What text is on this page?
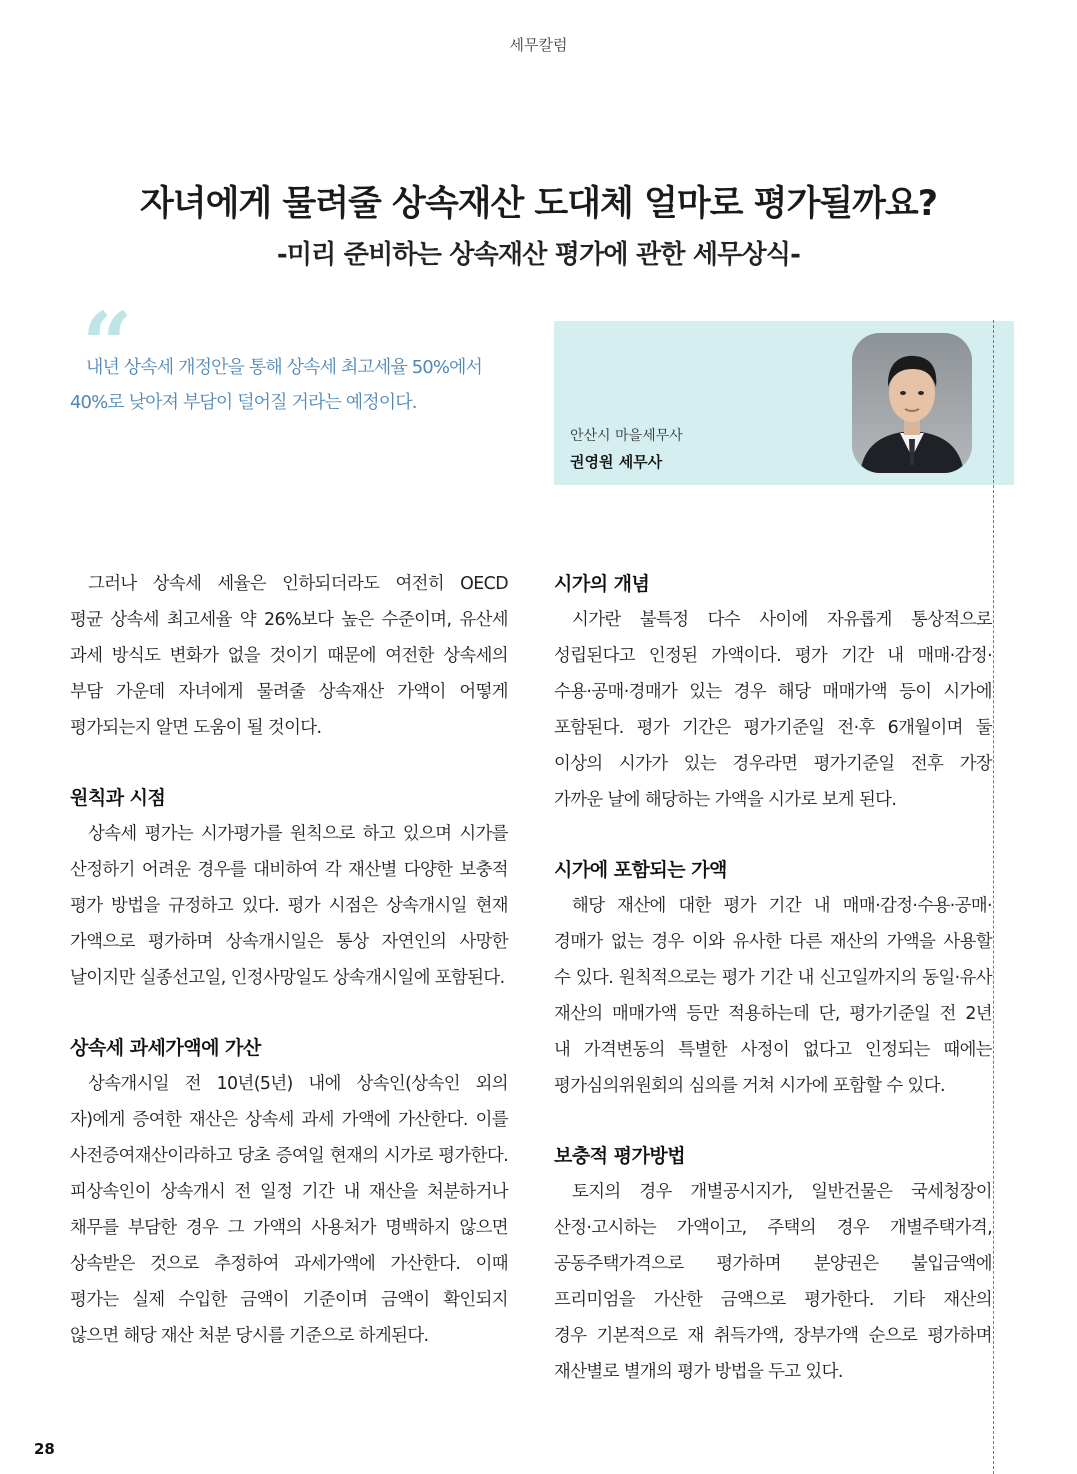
세무칼럼
자녀에게 물려줄 상속재산 도대체 얼마로 평가될까요?
-미리 준비하는 상속재산 평가에 관한 세무상식-
“

내년 상속세 개정안을 통해 상속세 최고세율 50%에서
40%로 낮아져 부담이 덜어질 거라는 예정이다.

안산시 마을세무사
권영원 세무사

그러나 상속세 세율은 인하되더라도 여전히 OECD
평균 상속세 최고세율 약 26%보다 높은 수준이며, 유산세
과세 방식도 변화가 없을 것이기 때문에 여전한 상속세의
부담 가운데 자녀에게 물려줄 상속재산 가액이 어떻게
평가되는지 알면 도움이 될 것이다.

원칙과 시점

상속세 평가는 시가평가를 원칙으로 하고 있으며 시가를
산정하기 어려운 경우를 대비하여 각 재산별 다양한 보충적
평가 방법을 규정하고 있다. 평가 시점은 상속개시일 현재
가액으로 평가하며 상속개시일은 통상 자연인의 사망한
날이지만 실종선고일, 인정사망일도 상속개시일에 포함된다.

상속세 과세가액에 가산

상속개시일 전 10년(5년) 내에 상속인(상속인 외의
자)에게 증여한 재산은 상속세 과세 가액에 가산한다. 이를
사전증여재산이라하고 당초 증여일 현재의 시가로 평가한다.
피상속인이 상속개시 전 일정 기간 내 재산을 처분하거나
채무를 부담한 경우 그 가액의 사용처가 명백하지 않으면
상속받은 것으로 추정하여 과세가액에 가산한다. 이때
평가는 실제 수입한 금액이 기준이며 금액이 확인되지
않으면 해당 재산 처분 당시를 기준으로 하게된다.

시가의 개념

시가란 불특정 다수 사이에 자유롭게 통상적으로
성립된다고 인정된 가액이다. 평가 기간 내 매매·감정·
수용·공매·경매가 있는 경우 해당 매매가액 등이 시가에
포함된다. 평가 기간은 평가기준일 전·후 6개월이며 둘
이상의 시가가 있는 경우라면 평가기준일 전후 가장
가까운 날에 해당하는 가액을 시가로 보게 된다.

시가에 포함되는 가액

해당 재산에 대한 평가 기간 내 매매·감정·수용·공매·
경매가 없는 경우 이와 유사한 다른 재산의 가액을 사용할
수 있다. 원칙적으로는 평가 기간 내 신고일까지의 동일·유사
재산의 매매가액 등만 적용하는데 단, 평가기준일 전 2년
내 가격변동의 특별한 사정이 없다고 인정되는 때에는
평가심의위원회의 심의를 거쳐 시가에 포함할 수 있다.

보충적 평가방법

토지의 경우 개별공시지가, 일반건물은 국세청장이
산정·고시하는 가액이고, 주택의 경우 개별주택가격,
공동주택가격으로 평가하며 분양권은 불입금액에
프리미엄을 가산한 금액으로 평가한다. 기타 재산의
경우 기본적으로 재 취득가액, 장부가액 순으로 평가하며
재산별로 별개의 평가 방법을 두고 있다.

28
